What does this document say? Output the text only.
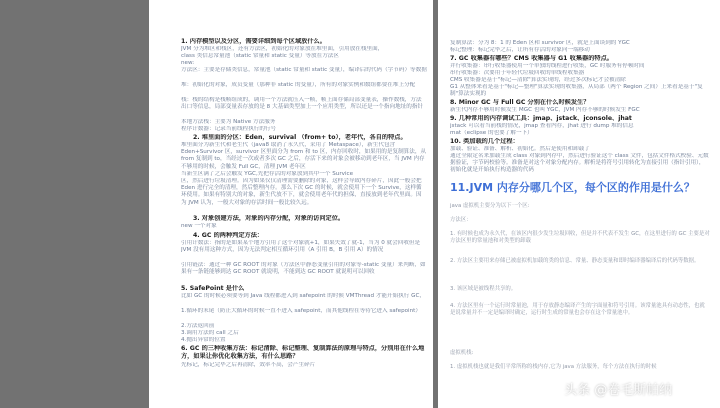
1. 内存模型以及分区，需要详细到每个区域放什么。
JVM 分为堆区和栈区，还有方法区，初始化的对象放在堆里面，引用放在栈里面，
class 类信息常量池（static 常量和 static 变量）等放在方法区
new:
方法区：主要是存储类信息，常量池（static 常量和 static 变量），编译后的代码（字节码）等数据
堆：初始化的对象，成员变量（那种非 static 的变量），所有的对象实例和数组都要在堆上分配
栈：栈的结构是栈帧组成的，调用一个方法就压入一帧，帧上面存储局部变量表，操作数栈，方法出口等信息，局部变量表存放的是 8 大基础类型加上一个应用类型，所以还是一个指向地址的指针
本地方法栈：主要为 Native 方法服务
程序计数器：记录当前线程执行的行号
2. 堆里面的分区：Eden，survival （from+ to），老年代，各自的特点。
堆里面分为新生代和老生代（java8 取消了永久代，采用了 Metaspace），新生代包含 Eden+Survivor 区，survivor 区里面分为 from 和 to 区，内存回收时，如果用的是复制算法，从 from 复制到 to，当经过一次或者多次 GC 之后，存活下来的对象会被移动到老年区，当 JVM 内存不够用的时候，会触发 Full GC，清理 JVM 老年区
当新生区满了之后会触发 YGC,先把存活的对象放到其中一个 Survice
区，然后进行垃圾清理。因为如果仅仅清理需要删除的对象，这样会导致内存碎片，因此一般会把 Eden 进行完全的清理，然后整理内存。那么下次 GC 的时候，就会使用下一个 Survive，这样循环使用。如果有特别大的对象，新生代放不下，就会使用老年代的担保，直接放到老年代里面。因为 JVM 认为，一般大对象的存活时间一般比较久远。
3. 对象创建方法，对象的内存分配，对象的访问定位。
new 一个对象
4. GC 的两种判定方法：
引用计数法：指的是如果某个地方引用了这个对象就+1，如果失效了就-1，当为 0 就会回收但是 JVM 没有用这种方式，因为无法判定相互循环引用（A 引用 B，B 引用 A）的情况
引用链法：通过一种 GC ROOT 的对象（方法区中静态变量引用的对象等-static 变量）来判断，如果有一条链能够到达 GC ROOT 就说明，不能到达 GC ROOT 就说明可以回收
5. SafePoint 是什么
比如 GC 的时候必须要等到 Java 线程都进入到 safepoint 的时候 VMThread 才能开始执行 GC，
1.循环的末尾（防止大循环的时候一直不进入 safepoint，而其他线程在等待它进入 safepoint）
2.方法返回前
3.调用方法的 call 之后
4.抛出异常的位置
6. GC 的三种收集方法：标记清除、标记整理、复制算法的原理与特点，分别用在什么地方，如果让你优化收集方法，有什么思路？
先标记，标记完毕之后再清除，效率不高，会产生碎片
复制算法：分为 8：1 的 Eden 区和 survivor 区，就是上面谈到的 YGC
标记整理：标记完毕之后，让所有存活的对象向一端移动
7. GC 收集器有哪些？CMS 收集器与 G1 收集器的特点。
并行收集器：串行收集器使用一个单独的线程进行收集，GC 时服务有停顿时间
串行收集器：次要用于年轻代垃圾回收的单线程收集器
CMS 收集器是基于"标记—清除"算法实现的，经过多次标记才会被清除
G1 从整体来看是基于"标记—整理"算法实现的收集器，从局部（两个 Region 之间）上来看是基于"复制"算法实现的
8. Minor GC 与 Full GC 分别在什么时候发生？
新生代内存不够用时候发生 MGC 也叫 YGC，JVM 内存不够的时候发生 FGC
9. 几种常用的内存调试工具：jmap、jstack、jconsole、jhat
jstack 可以看当前栈的情况，jmap 查看内存，jhat 进行 dump 堆的信息
mat（eclipse 的也要了解一下）
10. 类加载的几个过程：
加载、验证、准备、解析、初始化。然后是使用和卸载了
通过全限定名来加载生成 class 对象到内存中，然后进行验证这个 class 文件，包括文件格式校验、元数据验证，字节码校验等。准备是对这个对象分配内存。解析是将符号引用转化为直接引用（指针引用），初始化就是开始执行构造器的代码
11.JVM 内存分哪几个区，每个区的作用是什么？
java 虚拟机主要分为以下一个区:
方法区：
1. 有时候也成为永久代，在该区内很少发生垃圾回收，但是并不代表不发生 GC，在这里进行的 GC 主要是对方法区里的常量池和对类型的卸载
2. 方法区主要用来存储已被虚拟机加载的类的信息、常量、静态变量和即时编译器编译后的代码等数据。
3. 该区域是被线程共享的。
4. 方法区里有一个运行时常量池，用于存放静态编译产生的字面量和符号引用。该常量池具有动态性，也就是说常量并不一定是编译时确定，运行时生成的常量也会存在这个常量池中。
虚拟机栈:
1. 虚拟机栈也就是我们平常所称的栈内存,它为 java 方法服务，每个方法在执行的时候
头条 @卷毛斯帕纳
